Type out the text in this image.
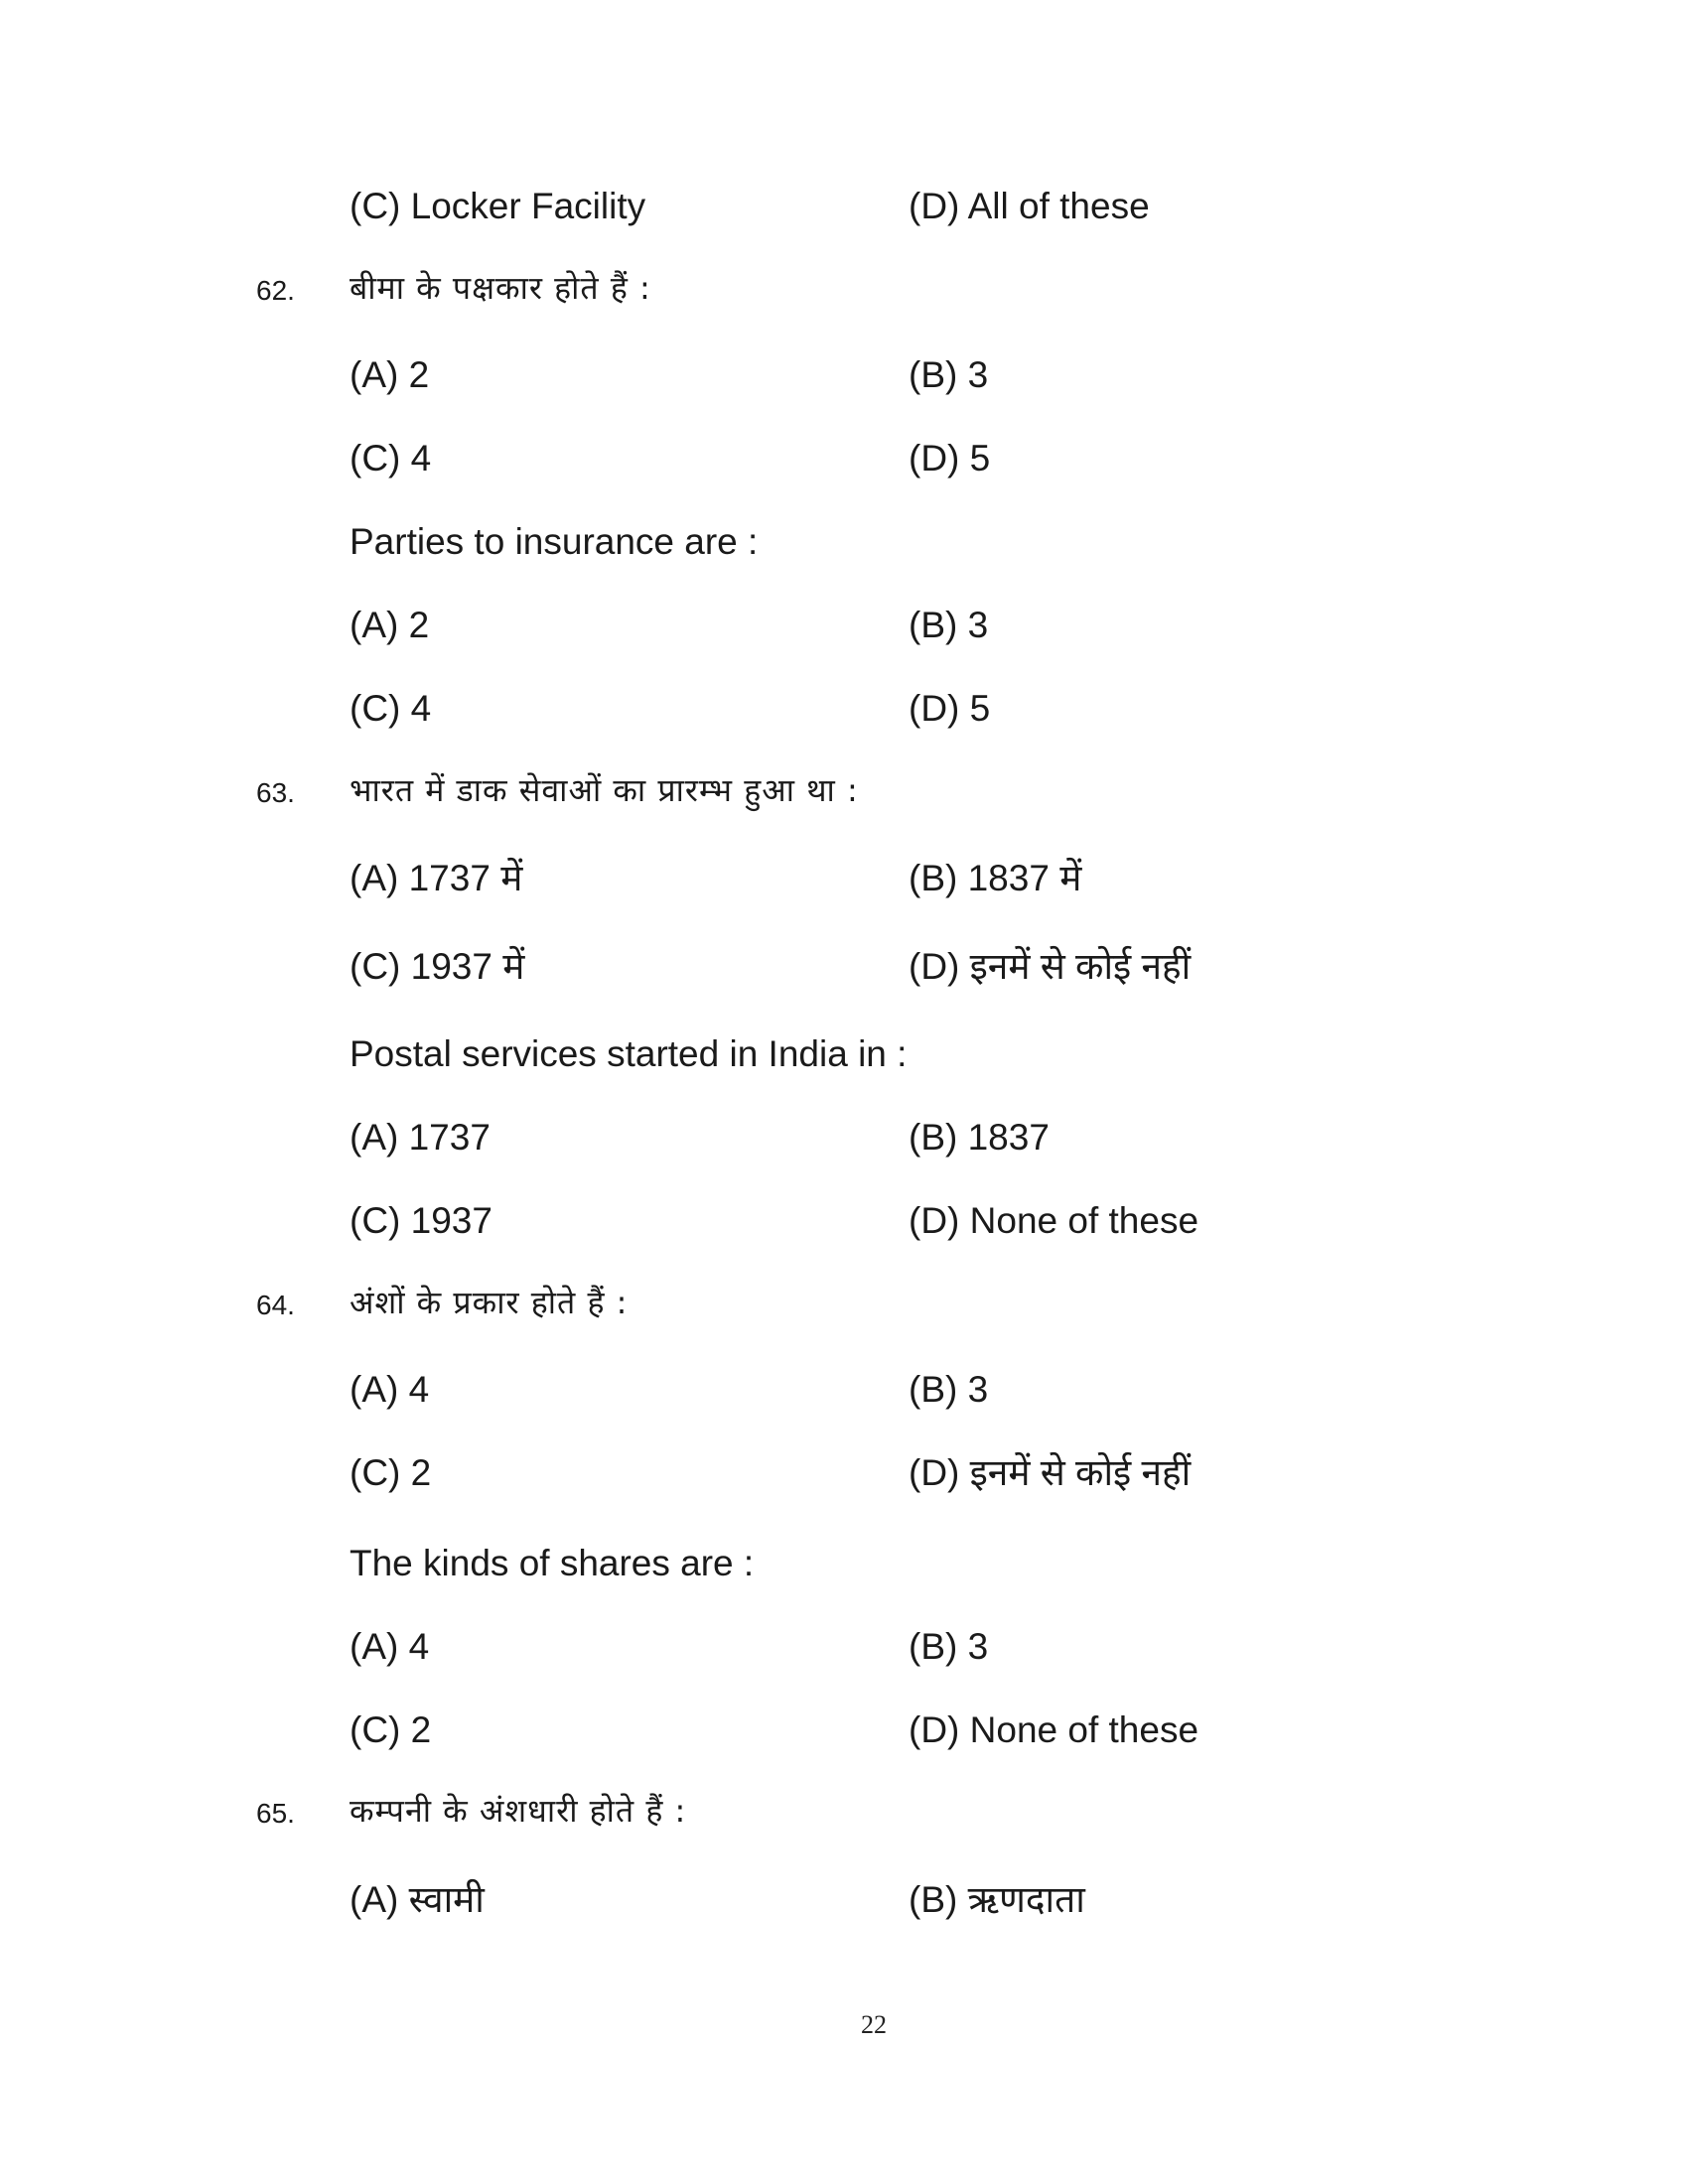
(C) Locker Facility	(D) All of these
62. बीमा के पक्षकार होते हैं :
(A) 2	(B) 3
(C) 4	(D) 5
Parties to insurance are :
(A) 2	(B) 3
(C) 4	(D) 5
63. भारत में डाक सेवाओं का प्रारम्भ हुआ था :
(A) 1737 में	(B) 1837 में
(C) 1937 में	(D) इनमें से कोई नहीं
Postal services started in India in :
(A) 1737	(B) 1837
(C) 1937	(D) None of these
64. अंशों के प्रकार होते हैं :
(A) 4	(B) 3
(C) 2	(D) इनमें से कोई नहीं
The kinds of shares are :
(A) 4	(B) 3
(C) 2	(D) None of these
65. कम्पनी के अंशधारी होते हैं :
(A) स्वामी	(B) ऋणदाता
22
